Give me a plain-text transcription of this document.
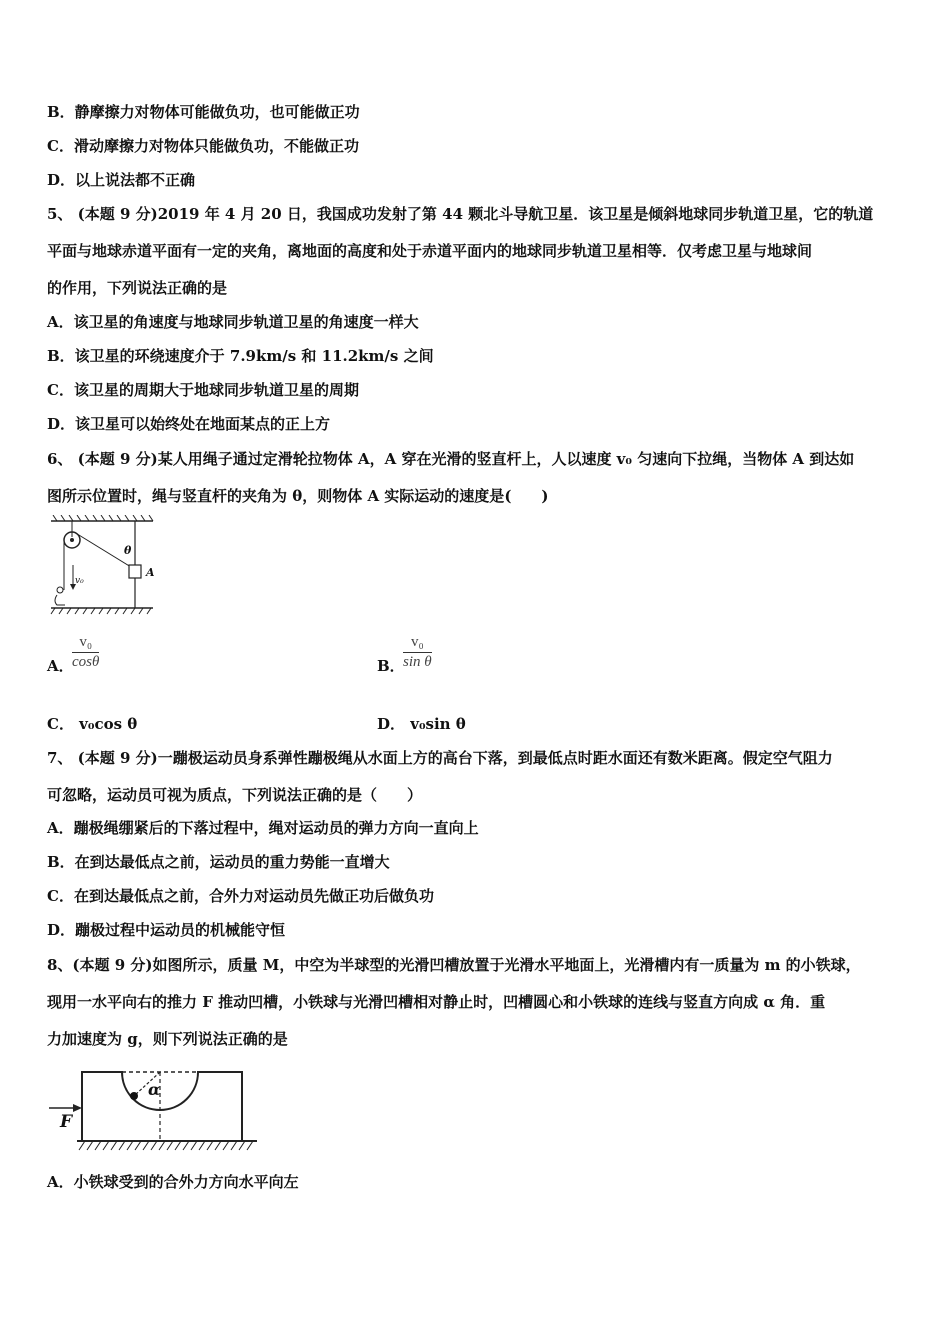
B．静摩擦力对物体可能做负功，也可能做正功
C．滑动摩擦力对物体只能做负功，不能做正功
D．以上说法都不正确
5、 (本题 9 分)2019 年 4 月 20 日，我国成功发射了第 44 颗北斗导航卫星．该卫星是倾斜地球同步轨道卫星，它的轨道
平面与地球赤道平面有一定的夹角，离地面的高度和处于赤道平面内的地球同步轨道卫星相等．仅考虑卫星与地球间
的作用，下列说法正确的是
A．该卫星的角速度与地球同步轨道卫星的角速度一样大
B．该卫星的环绕速度介于 7.9km/s 和 11.2km/s 之间
C．该卫星的周期大于地球同步轨道卫星的周期
D．该卫星可以始终处在地面某点的正上方
6、 (本题 9 分)某人用绳子通过定滑轮拉物体 A，A 穿在光滑的竖直杆上，人以速度 v₀ 匀速向下拉绳，当物体 A 到达如
图所示位置时，绳与竖直杆的夹角为 θ，则物体 A 实际运动的速度是(　　)
θ
A
v₀
A．
$\frac{\text{v₀}}{\cos\theta}$	B．
$\frac{\text{v₀}}{\text{sin θ}}$
C． v₀cos θ	D． v₀sin θ
7、 (本题 9 分)一蹦极运动员身系弹性蹦极绳从水面上方的高台下落，到最低点时距水面还有数米距离。假定空气阻力
可忽略，运动员可视为质点，下列说法正确的是（　　）
A．蹦极绳绷紧后的下落过程中，绳对运动员的弹力方向一直向上
B．在到达最低点之前，运动员的重力势能一直增大
C．在到达最低点之前，合外力对运动员先做正功后做负功
D．蹦极过程中运动员的机械能守恒
8、(本题 9 分)如图所示，质量 M，中空为半球型的光滑凹槽放置于光滑水平地面上，光滑槽内有一质量为 m 的小铁球，
现用一水平向右的推力 F 推动凹槽，小铁球与光滑凹槽相对静止时，凹槽圆心和小铁球的连线与竖直方向成 α 角．重
力加速度为 g，则下列说法正确的是
F
α
A．小铁球受到的合外力方向水平向左
